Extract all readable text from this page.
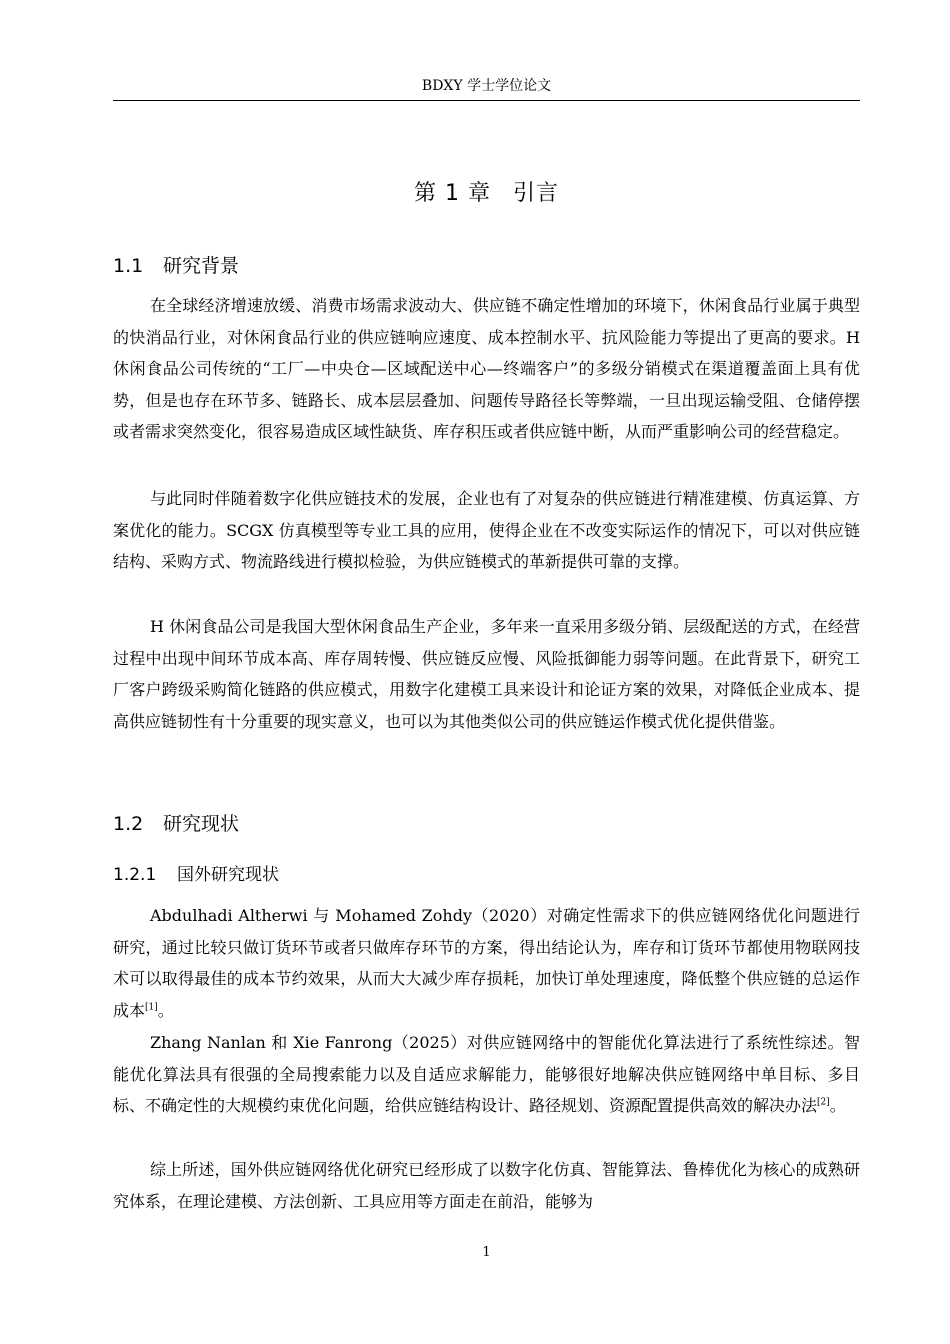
BDXY 学士学位论文
第 1 章 引言
1.1 研究背景

在全球经济增速放缓、消费市场需求波动大、供应链不确定性增加的环境下，休闲食品行业属于典型的快消品行业，对休闲食品行业的供应链响应速度、成本控制水平、抗风险能力等提出了更高的要求。H 休闲食品公司传统的“工厂—中央仓—区域配送中心—终端客户”的多级分销模式在渠道覆盖面上具有优势，但是也存在环节多、链路长、成本层层叠加、问题传导路径长等弊端，一旦出现运输受阻、仓储停摆或者需求突然变化，很容易造成区域性缺货、库存积压或者供应链中断，从而严重影响公司的经营稳定。

与此同时伴随着数字化供应链技术的发展，企业也有了对复杂的供应链进行精准建模、仿真运算、方案优化的能力。SCGX 仿真模型等专业工具的应用，使得企业在不改变实际运作的情况下，可以对供应链结构、采购方式、物流路线进行模拟检验，为供应链模式的革新提供可靠的支撑。

H 休闲食品公司是我国大型休闲食品生产企业，多年来一直采用多级分销、层级配送的方式，在经营过程中出现中间环节成本高、库存周转慢、供应链反应慢、风险抵御能力弱等问题。在此背景下，研究工厂客户跨级采购简化链路的供应模式，用数字化建模工具来设计和论证方案的效果，对降低企业成本、提高供应链韧性有十分重要的现实意义，也可以为其他类似公司的供应链运作模式优化提供借鉴。

1.2 研究现状
1.2.1 国外研究现状

Abdulhadi Altherwi 与 Mohamed Zohdy（2020）对确定性需求下的供应链网络优化问题进行研究，通过比较只做订货环节或者只做库存环节的方案，得出结论认为，库存和订货环节都使用物联网技术可以取得最佳的成本节约效果，从而大大减少库存损耗，加快订单处理速度，降低整个供应链的总运作成本[1]。

Zhang Nanlan 和 Xie Fanrong（2025）对供应链网络中的智能优化算法进行了系统性综述。智能优化算法具有很强的全局搜索能力以及自适应求解能力，能够很好地解决供应链网络中单目标、多目标、不确定性的大规模约束优化问题，给供应链结构设计、路径规划、资源配置提供高效的解决办法[2]。

综上所述，国外供应链网络优化研究已经形成了以数字化仿真、智能算法、鲁棒优化为核心的成熟研究体系，在理论建模、方法创新、工具应用等方面走在前沿，能够为

1
